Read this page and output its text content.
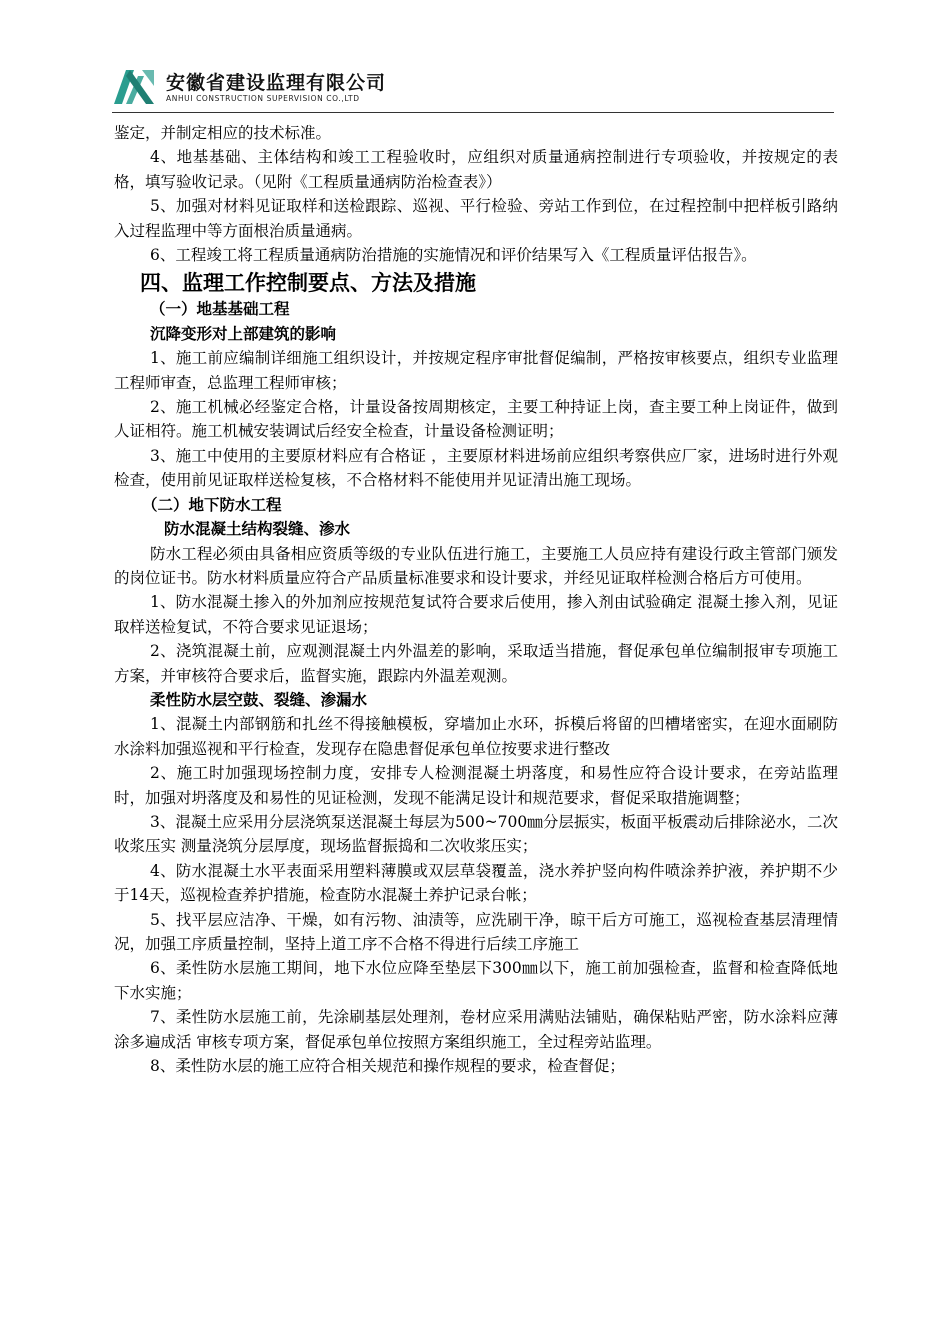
安徽省建设监理有限公司
ANHUI CONSTRUCTION SUPERVISION CO.,LTD

鉴定，并制定相应的技术标准。

4、地基基础、主体结构和竣工工程验收时，应组织对质量通病控制进行专项验收，并按规定的表格，填写验收记录。（见附《工程质量通病防治检查表》）

5、加强对材料见证取样和送检跟踪、巡视、平行检验、旁站工作到位，在过程控制中把样板引路纳入过程监理中等方面根治质量通病。

6、工程竣工将工程质量通病防治措施的实施情况和评价结果写入《工程质量评估报告》。

四、监理工作控制要点、方法及措施
（一）地基基础工程
沉降变形对上部建筑的影响

1、施工前应编制详细施工组织设计，并按规定程序审批督促编制，严格按审核要点，组织专业监理工程师审查，总监理工程师审核；

2、施工机械必经鉴定合格，计量设备按周期核定，主要工种持证上岗，查主要工种上岗证件，做到人证相符。施工机械安装调试后经安全检查，计量设备检测证明；

3、施工中使用的主要原材料应有合格证 ，主要原材料进场前应组织考察供应厂家，进场时进行外观检查，使用前见证取样送检复核，不合格材料不能使用并见证清出施工现场。

（二）地下防水工程
防水混凝土结构裂缝、渗水

防水工程必须由具备相应资质等级的专业队伍进行施工，主要施工人员应持有建设行政主管部门颁发的岗位证书。防水材料质量应符合产品质量标准要求和设计要求，并经见证取样检测合格后方可使用。

1、防水混凝土掺入的外加剂应按规范复试符合要求后使用，掺入剂由试验确定 混凝土掺入剂，见证取样送检复试，不符合要求见证退场；

2、浇筑混凝土前，应观测混凝土内外温差的影响，采取适当措施，督促承包单位编制报审专项施工方案，并审核符合要求后，监督实施，跟踪内外温差观测。

柔性防水层空鼓、裂缝、渗漏水

1、混凝土内部钢筋和扎丝不得接触模板，穿墙加止水环，拆模后将留的凹槽堵密实，在迎水面刷防水涂料加强巡视和平行检查，发现存在隐患督促承包单位按要求进行整改

2、施工时加强现场控制力度，安排专人检测混凝土坍落度，和易性应符合设计要求，在旁站监理时，加强对坍落度及和易性的见证检测，发现不能满足设计和规范要求，督促采取措施调整；

3、混凝土应采用分层浇筑泵送混凝土每层为500~700㎜分层振实，板面平板震动后排除泌水，二次收浆压实 测量浇筑分层厚度，现场监督振捣和二次收浆压实；

4、防水混凝土水平表面采用塑料薄膜或双层草袋覆盖，浇水养护竖向构件喷涂养护液，养护期不少于14天，巡视检查养护措施，检查防水混凝土养护记录台帐；

5、找平层应洁净、干燥，如有污物、油渍等，应洗刷干净，晾干后方可施工，巡视检查基层清理情况，加强工序质量控制，坚持上道工序不合格不得进行后续工序施工

6、柔性防水层施工期间，地下水位应降至垫层下300㎜以下，施工前加强检查，监督和检查降低地下水实施；

7、柔性防水层施工前，先涂刷基层处理剂，卷材应采用满贴法铺贴，确保粘贴严密，防水涂料应薄涂多遍成活 审核专项方案，督促承包单位按照方案组织施工，全过程旁站监理。

8、柔性防水层的施工应符合相关规范和操作规程的要求，检查督促；
